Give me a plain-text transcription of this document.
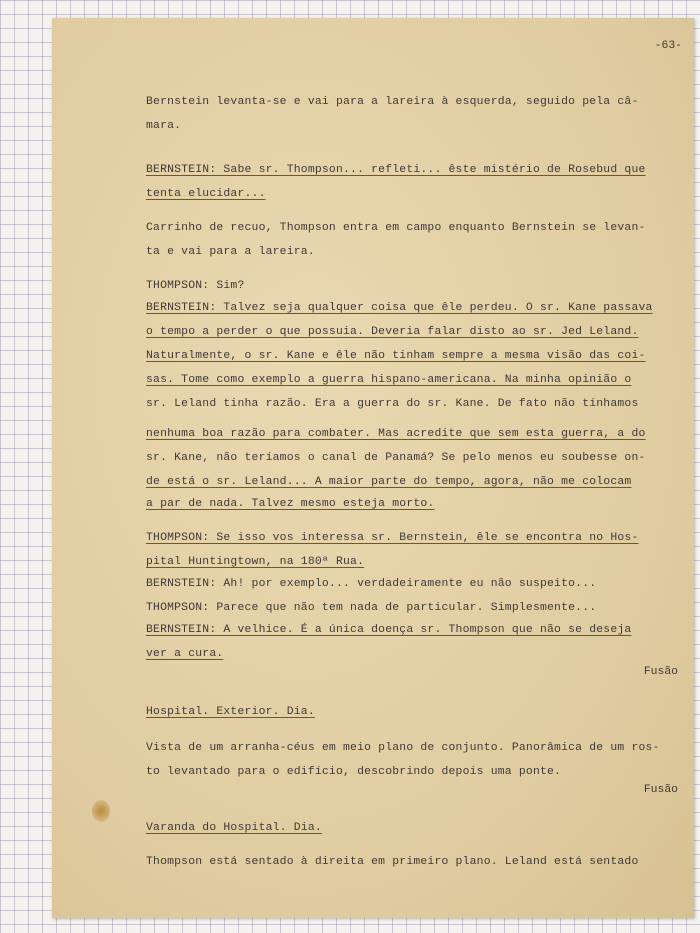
-63-

Bernstein levanta-se e vai para a lareira à esquerda, seguido pela câ-

mara.

BERNSTEIN: Sabe sr. Thompson... refleti... êste mistério de Rosebud que

tenta elucidar...

Carrinho de recuo, Thompson entra em campo enquanto Bernstein se levan-

ta e vai para a lareira.

THOMPSON: Sim?

BERNSTEIN: Talvez seja qualquer coisa que êle perdeu. O sr. Kane passava

o tempo a perder o que possuia. Deveria falar disto ao sr. Jed Leland.

Naturalmente, o sr. Kane e êle não tinham sempre a mesma visão das coi-

sas. Tome como exemplo a guerra hispano-americana. Na minha opinião o

sr. Leland tinha razão. Era a guerra do sr. Kane. De fato não tínhamos

nenhuma boa razão para combater. Mas acredite que sem esta guerra, a do

sr. Kane, não teríamos o canal de Panamá? Se pelo menos eu soubesse on-

de está o sr. Leland... A maior parte do tempo, agora, não me colocam

a par de nada. Talvez mesmo esteja morto.

THOMPSON: Se isso vos interessa sr. Bernstein, êle se encontra no Hos-

pital Huntingtown, na 180ª Rua.

BERNSTEIN: Ah! por exemplo... verdadeiramente eu não suspeito...

THOMPSON: Parece que não tem nada de particular. Simplesmente...

BERNSTEIN: A velhice. É a única doença sr. Thompson que não se deseja

ver a cura.

Fusão

Hospital. Exterior. Dia.

Vista de um arranha-céus em meio plano de conjunto. Panorâmica de um ros-

to levantado para o edifício, descobrindo depois uma ponte.

Fusão

Varanda do Hospital. Dia.

Thompson está sentado à direita em primeiro plano. Leland está sentado
